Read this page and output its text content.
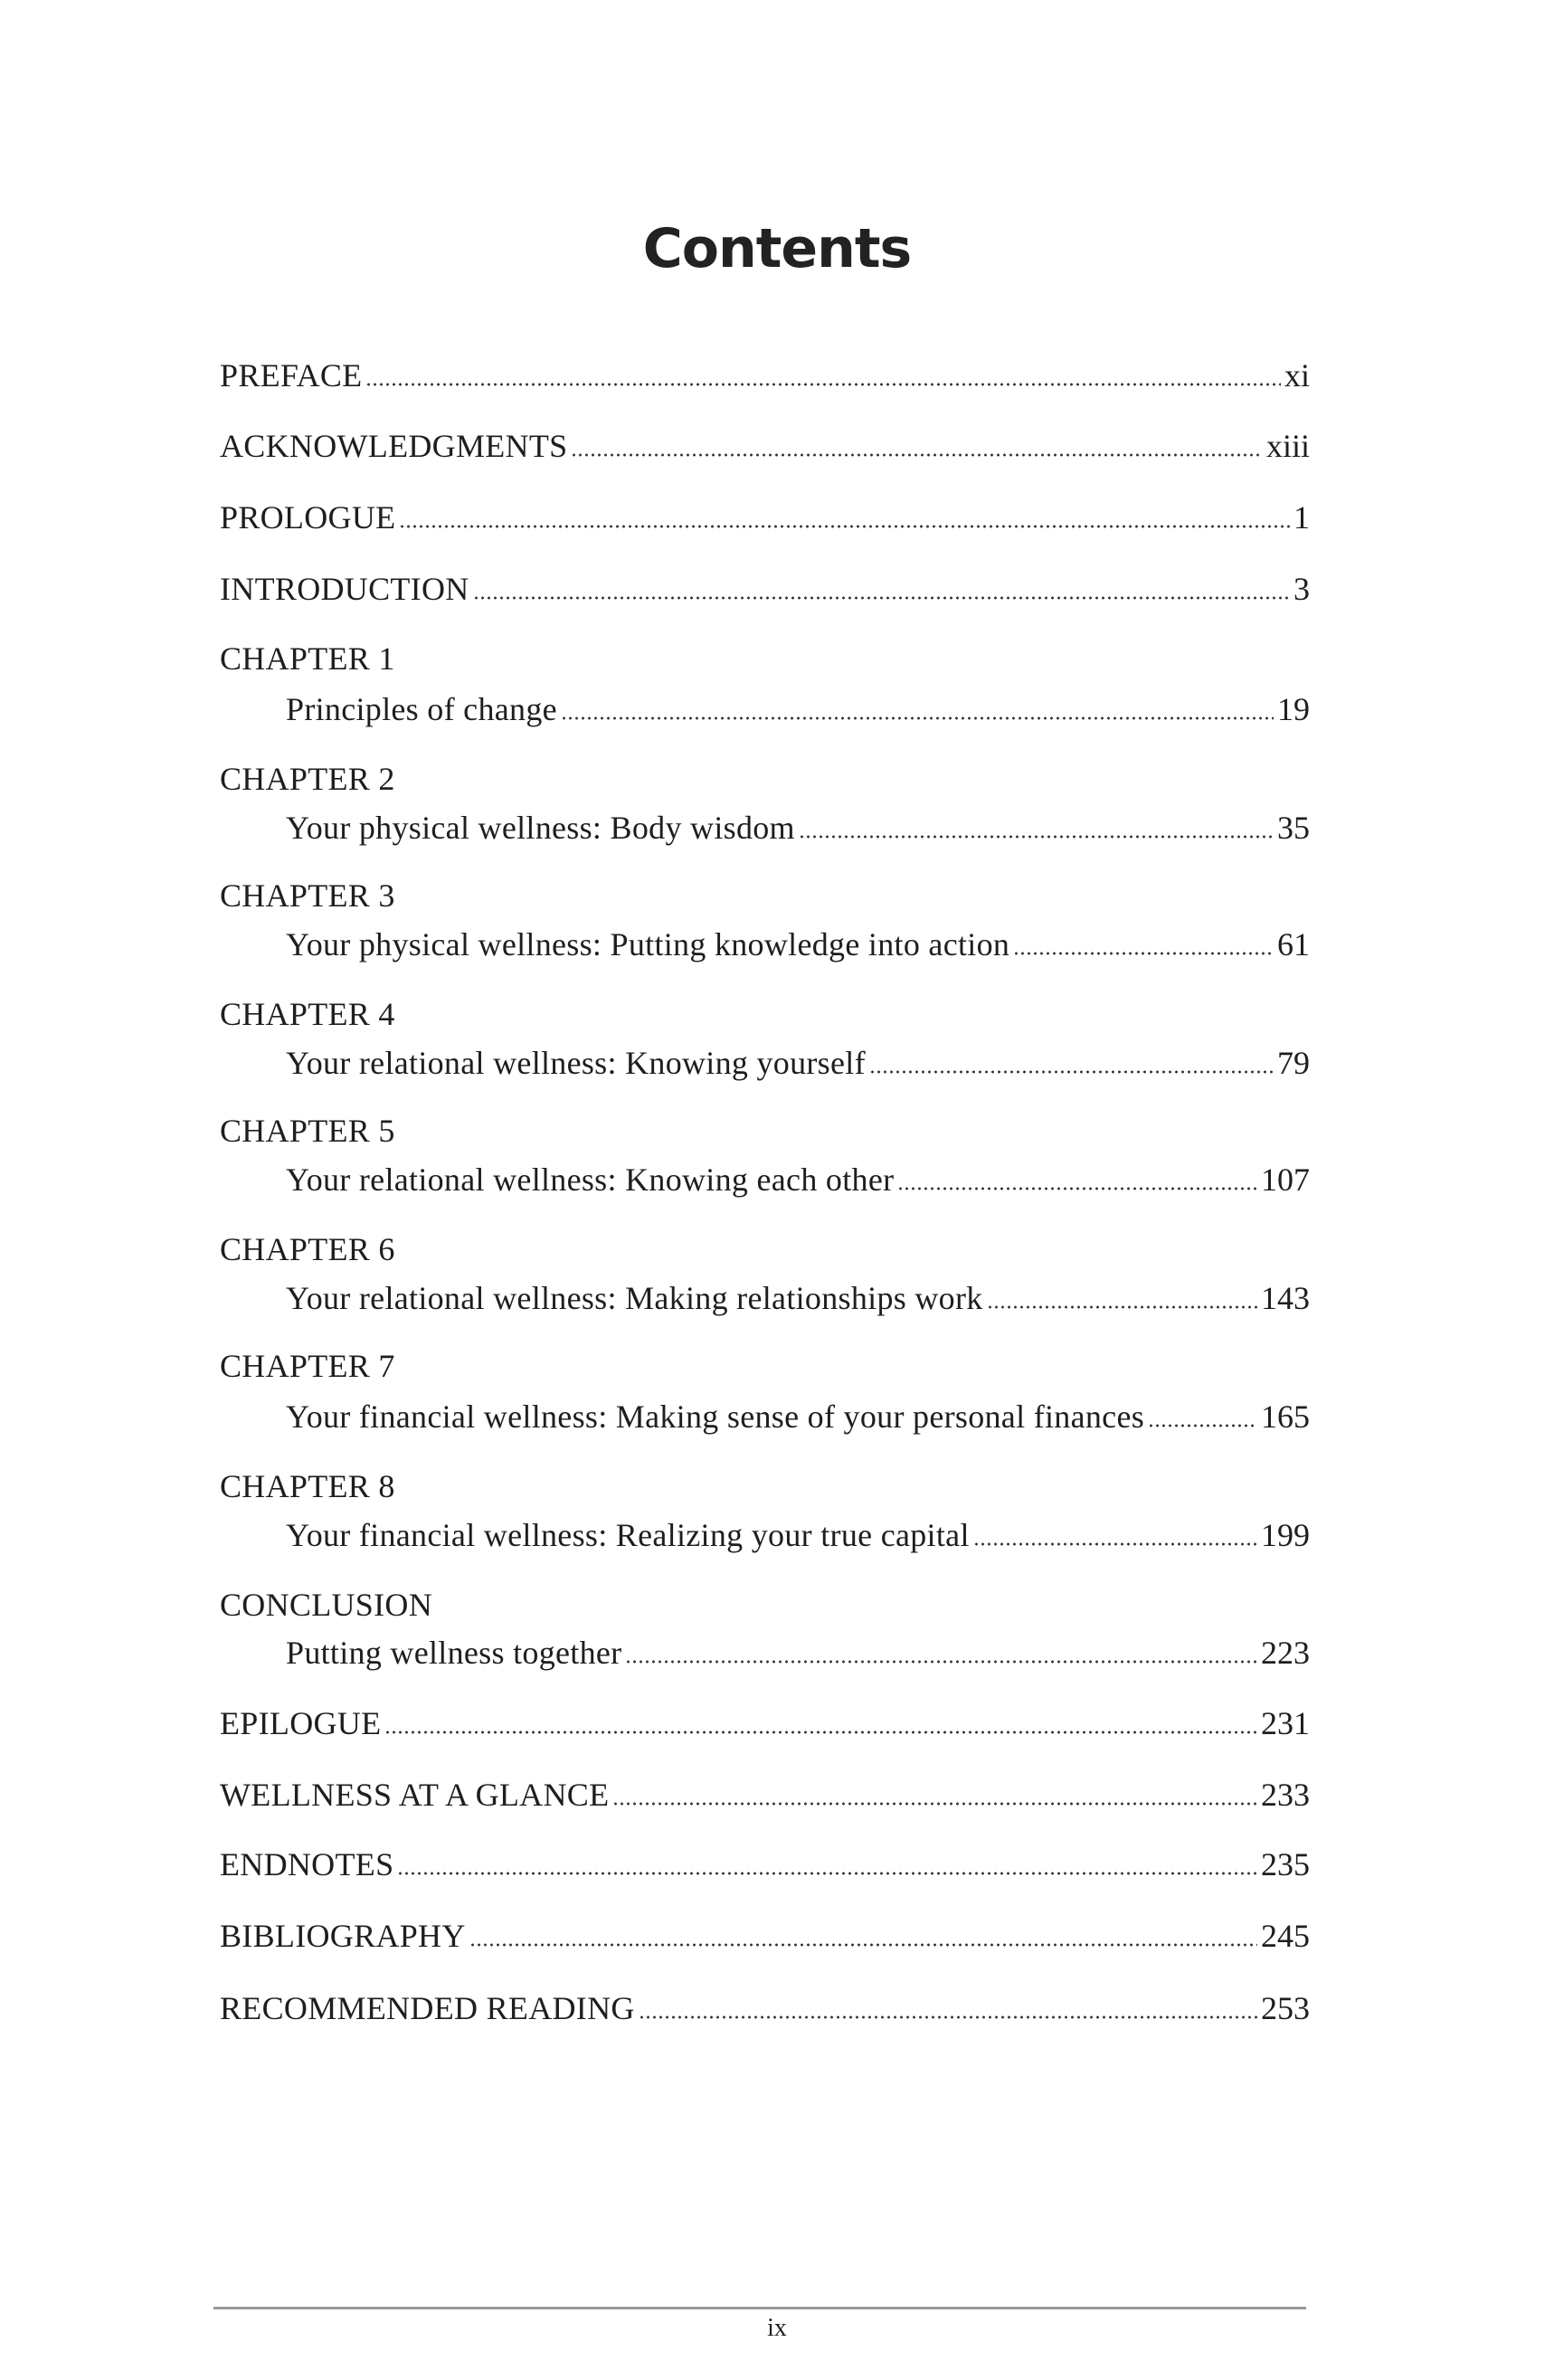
Contents
PREFACE	xi
ACKNOWLEDGMENTS	xiii
PROLOGUE	1
INTRODUCTION	3
CHAPTER 1
Principles of change	19
CHAPTER 2
Your physical wellness: Body wisdom	35
CHAPTER 3
Your physical wellness: Putting knowledge into action	61
CHAPTER 4
Your relational wellness: Knowing yourself	79
CHAPTER 5
Your relational wellness: Knowing each other	107
CHAPTER 6
Your relational wellness: Making relationships work	143
CHAPTER 7
Your financial wellness: Making sense of your personal finances	165
CHAPTER 8
Your financial wellness: Realizing your true capital	199
CONCLUSION
Putting wellness together	223
EPILOGUE	231
WELLNESS AT A GLANCE	233
ENDNOTES	235
BIBLIOGRAPHY	245
RECOMMENDED READING	253
ix
